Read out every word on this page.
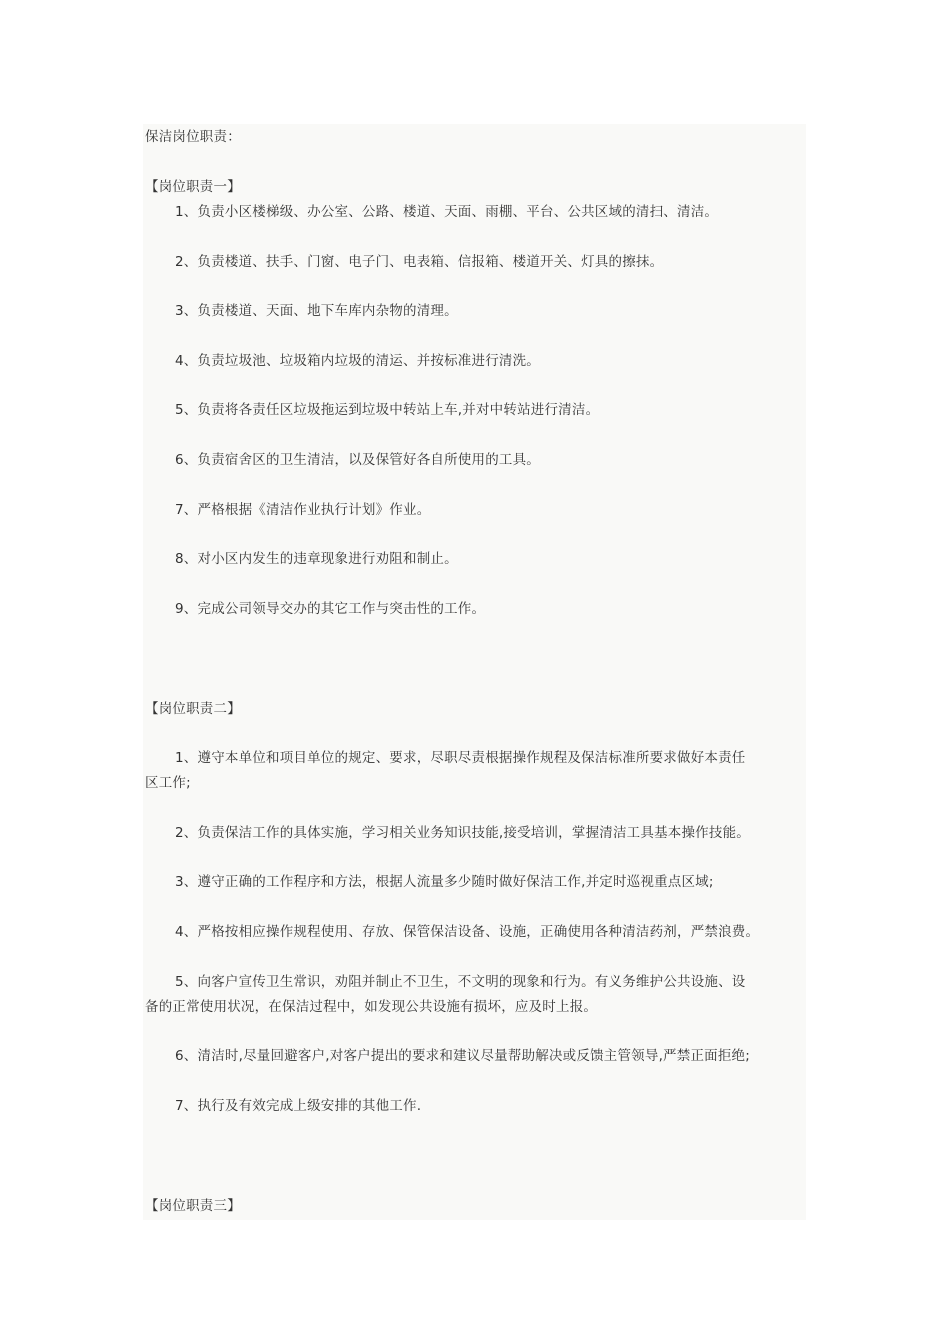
保洁岗位职责：
【岗位职责一】
1、负责小区楼梯级、办公室、公路、楼道、天面、雨棚、平台、公共区域的清扫、清洁。
2、负责楼道、扶手、门窗、电子门、电表箱、信报箱、楼道开关、灯具的擦抹。
3、负责楼道、天面、地下车库内杂物的清理。
4、负责垃圾池、垃圾箱内垃圾的清运、并按标准进行清洗。
5、负责将各责任区垃圾拖运到垃圾中转站上车,并对中转站进行清洁。
6、负责宿舍区的卫生清洁，以及保管好各自所使用的工具。
7、严格根据《清洁作业执行计划》作业。
8、对小区内发生的违章现象进行劝阻和制止。
9、完成公司领导交办的其它工作与突击性的工作。
【岗位职责二】
1、遵守本单位和项目单位的规定、要求，尽职尽责根据操作规程及保洁标准所要求做好本责任
区工作;
2、负责保洁工作的具体实施，学习相关业务知识技能,接受培训，掌握清洁工具基本操作技能。
3、遵守正确的工作程序和方法，根据人流量多少随时做好保洁工作,并定时巡视重点区域;
4、严格按相应操作规程使用、存放、保管保洁设备、设施，正确使用各种清洁药剂，严禁浪费。
5、向客户宣传卫生常识，劝阻并制止不卫生，不文明的现象和行为。有义务维护公共设施、设
备的正常使用状况，在保洁过程中，如发现公共设施有损坏，应及时上报。
6、清洁时,尽量回避客户,对客户提出的要求和建议尽量帮助解决或反馈主管领导,严禁正面拒绝;
7、执行及有效完成上级安排的其他工作.
【岗位职责三】
